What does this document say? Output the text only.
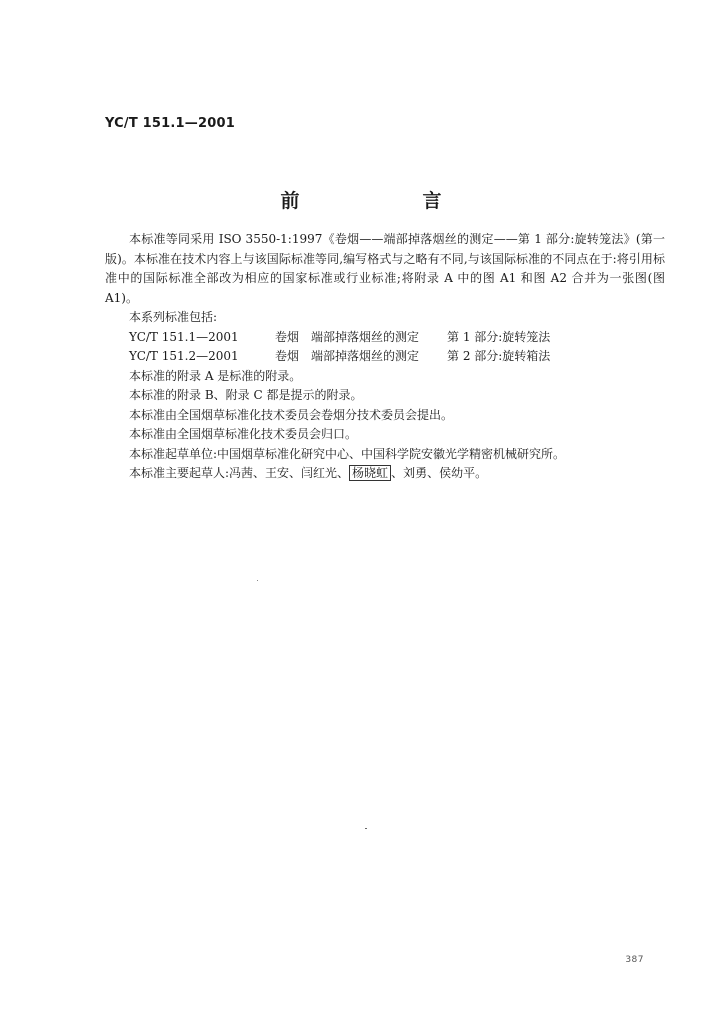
YC/T 151.1—2001
前　言

本标准等同采用 ISO 3550-1:1997《卷烟——端部掉落烟丝的测定——第 1 部分:旋转笼法》(第一版)。本标准在技术内容上与该国际标准等同,编写格式与之略有不同,与该国际标准的不同点在于:将引用标准中的国际标准全部改为相应的国家标准或行业标准;将附录 A 中的图 A1 和图 A2 合并为一张图(图 A1)。

本系列标准包括:

YC/T 151.1—2001	卷烟 端部掉落烟丝的测定 第 1 部分:旋转笼法

YC/T 151.2—2001	卷烟 端部掉落烟丝的测定 第 2 部分:旋转箱法

本标准的附录 A 是标准的附录。

本标准的附录 B、附录 C 都是提示的附录。

本标准由全国烟草标准化技术委员会卷烟分技术委员会提出。

本标准由全国烟草标准化技术委员会归口。

本标准起草单位:中国烟草标准化研究中心、中国科学院安徽光学精密机械研究所。

本标准主要起草人:冯茜、王安、闫红光、 杨晓虹 、刘勇、侯幼平。

387
